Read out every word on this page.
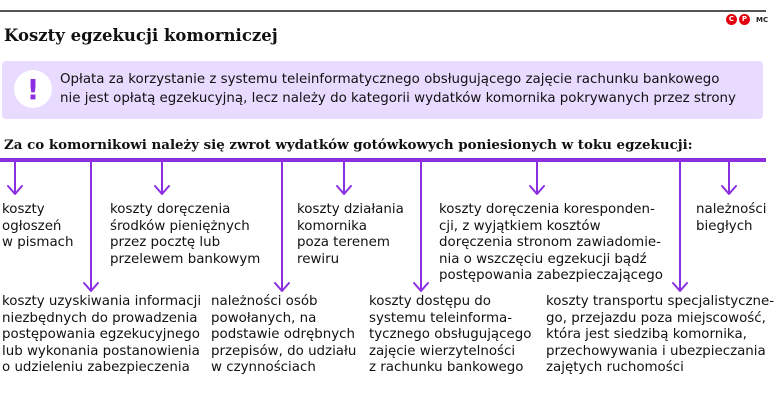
Koszty egzekucji komorniczej
C	P	MC
!	Opłata za korzystanie z systemu teleinformatycznego obsługującego zajęcie rachunku bankowego
nie jest opłatą egzekucyjną, lecz należy do kategorii wydatków komornika pokrywanych przez strony
Za co komornikowi należy się zwrot wydatków gotówkowych poniesionych w toku egzekucji:
koszty
ogłoszeń
w pismach
koszty doręczenia
środków pieniężnych
przez pocztę lub
przelewem bankowym
koszty działania
komornika
poza terenem
rewiru
koszty doręczenia koresponden-
cji, z wyjątkiem kosztów
doręczenia stronom zawiadomie-
nia o wszczęciu egzekucji bądź
postępowania zabezpieczającego
należności
biegłych
koszty uzyskiwania informacji
niezbędnych do prowadzenia
postępowania egzekucyjnego
lub wykonania postanowienia
o udzieleniu zabezpieczenia
należności osób
powołanych, na
podstawie odrębnych
przepisów, do udziału
w czynnościach
koszty dostępu do
systemu teleinforma-
tycznego obsługującego
zajęcie wierzytelności
z rachunku bankowego
koszty transportu specjalistyczne-
go, przejazdu poza miejscowość,
która jest siedzibą komornika,
przechowywania i ubezpieczania
zajętych ruchomości
